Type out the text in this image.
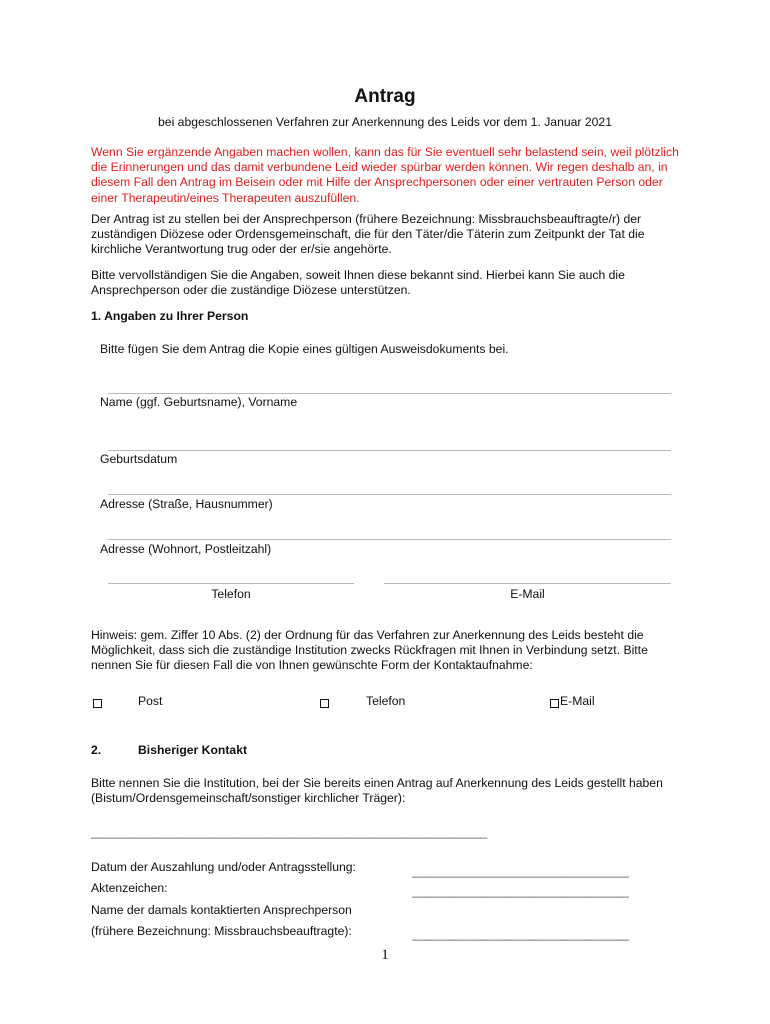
Antrag
bei abgeschlossenen Verfahren zur Anerkennung des Leids vor dem 1. Januar 2021
Wenn Sie ergänzende Angaben machen wollen, kann das für Sie eventuell sehr belastend sein, weil plötzlich die Erinnerungen und das damit verbundene Leid wieder spürbar werden können. Wir regen deshalb an, in diesem Fall den Antrag im Beisein oder mit Hilfe der Ansprechpersonen oder einer vertrauten Person oder einer Therapeutin/eines Therapeuten auszufüllen.
Der Antrag ist zu stellen bei der Ansprechperson (frühere Bezeichnung: Missbrauchsbeauftragte/r) der zuständigen Diözese oder Ordensgemeinschaft, die für den Täter/die Täterin zum Zeitpunkt der Tat die kirchliche Verantwortung trug oder der er/sie angehörte.
Bitte vervollständigen Sie die Angaben, soweit Ihnen diese bekannt sind. Hierbei kann Sie auch die Ansprechperson oder die zuständige Diözese unterstützen.
1. Angaben zu Ihrer Person
Bitte fügen Sie dem Antrag die Kopie eines gültigen Ausweisdokuments bei.
Name (ggf. Geburtsname), Vorname
Geburtsdatum
Adresse (Straße, Hausnummer)
Adresse (Wohnort, Postleitzahl)
Telefon	E-Mail
Hinweis: gem. Ziffer 10 Abs. (2) der Ordnung für das Verfahren zur Anerkennung des Leids besteht die Möglichkeit, dass sich die zuständige Institution zwecks Rückfragen mit Ihnen in Verbindung setzt. Bitte nennen Sie für diesen Fall die von Ihnen gewünschte Form der Kontaktaufnahme:
Post	Telefon	E-Mail
2.	Bisheriger Kontakt
Bitte nennen Sie die Institution, bei der Sie bereits einen Antrag auf Anerkennung des Leids gestellt haben (Bistum/Ordensgemeinschaft/sonstiger kirchlicher Träger):
________________________________________________________________
Datum der Auszahlung und/oder Antragsstellung:	___________________________________
Aktenzeichen:	___________________________________
Name der damals kontaktierten Ansprechperson
(frühere Bezeichnung: Missbrauchsbeauftragte):	___________________________________
1
